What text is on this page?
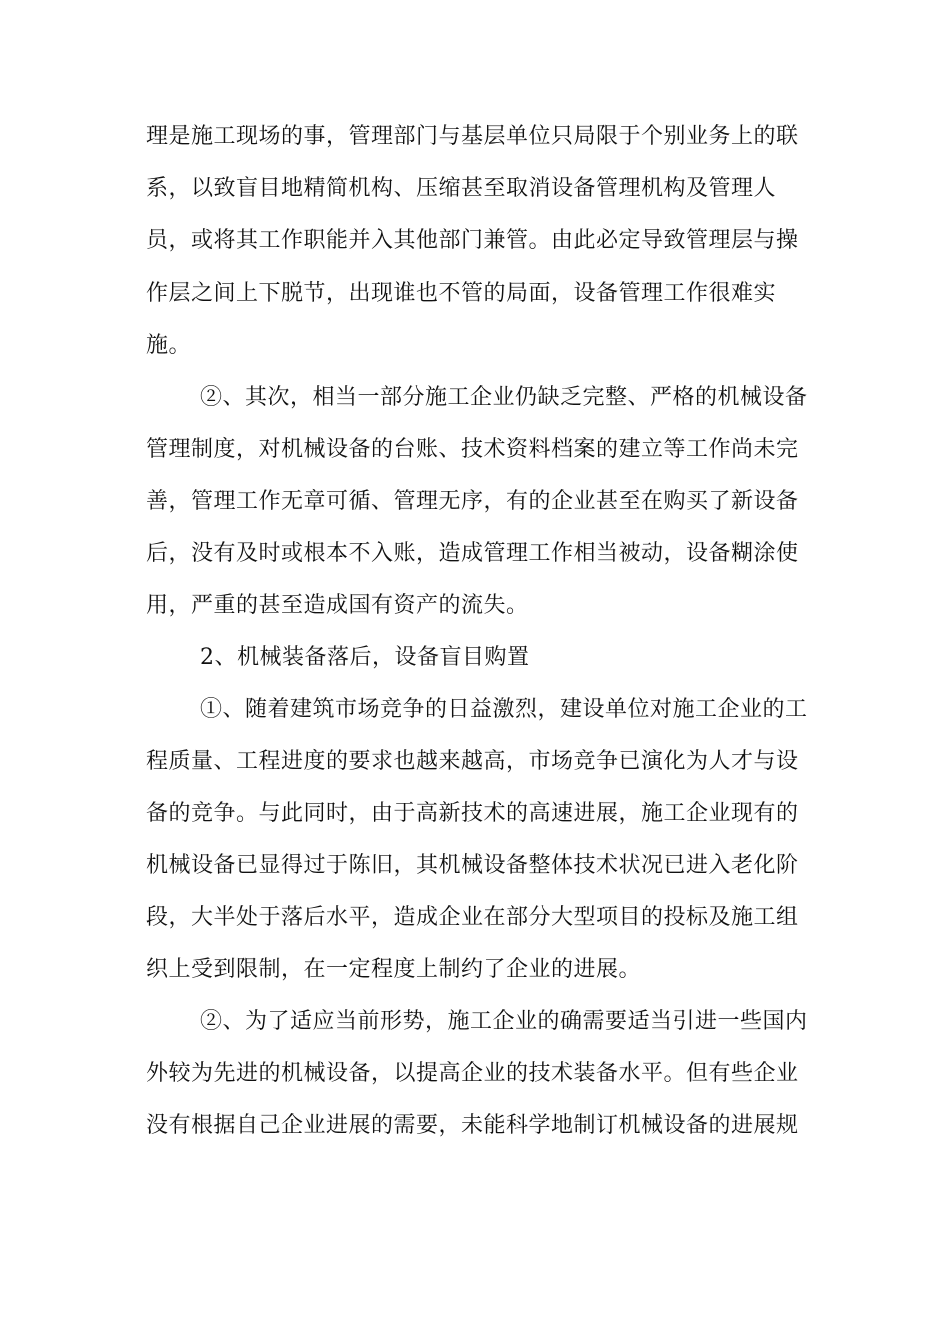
理是施工现场的事，管理部门与基层单位只局限于个别业务上的联
系，以致盲目地精简机构、压缩甚至取消设备管理机构及管理人
员，或将其工作职能并入其他部门兼管。由此必定导致管理层与操
作层之间上下脱节，出现谁也不管的局面，设备管理工作很难实
施。
②、其次，相当一部分施工企业仍缺乏完整、严格的机械设备
管理制度，对机械设备的台账、技术资料档案的建立等工作尚未完
善，管理工作无章可循、管理无序，有的企业甚至在购买了新设备
后，没有及时或根本不入账，造成管理工作相当被动，设备糊涂使
用，严重的甚至造成国有资产的流失。
2、机械装备落后，设备盲目购置
①、随着建筑市场竞争的日益激烈，建设单位对施工企业的工
程质量、工程进度的要求也越来越高，市场竞争已演化为人才与设
备的竞争。与此同时，由于高新技术的高速进展，施工企业现有的
机械设备已显得过于陈旧，其机械设备整体技术状况已进入老化阶
段，大半处于落后水平，造成企业在部分大型项目的投标及施工组
织上受到限制，在一定程度上制约了企业的进展。
②、为了适应当前形势，施工企业的确需要适当引进一些国内
外较为先进的机械设备，以提高企业的技术装备水平。但有些企业
没有根据自己企业进展的需要，未能科学地制订机械设备的进展规
